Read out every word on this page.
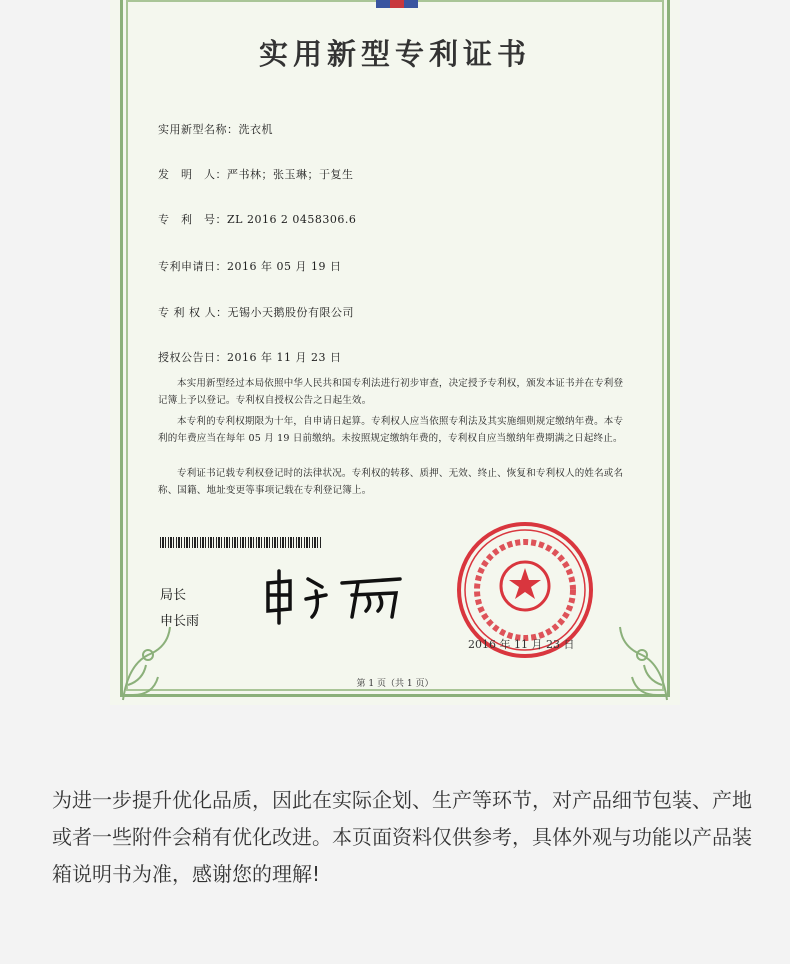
实用新型专利证书
实用新型名称：洗衣机
发　明　人：严书林；张玉琳；于复生
专　利　号：ZL 2016 2 0458306.6
专利申请日：2016 年 05 月 19 日
专 利 权 人：无锡小天鹅股份有限公司
授权公告日：2016 年 11 月 23 日

本实用新型经过本局依照中华人民共和国专利法进行初步审查，决定授予专利权，颁发本证书并在专利登记簿上予以登记。专利权自授权公告之日起生效。

本专利的专利权期限为十年，自申请日起算。专利权人应当依照专利法及其实施细则规定缴纳年费。本专利的年费应当在每年 05 月 19 日前缴纳。未按照规定缴纳年费的，专利权自应当缴纳年费期满之日起终止。

专利证书记载专利权登记时的法律状况。专利权的转移、质押、无效、终止、恢复和专利权人的姓名或名称、国籍、地址变更等事项记载在专利登记簿上。

局长
申长雨
2016 年 11 月 23 日
第 1 页（共 1 页）

为进一步提升优化品质，因此在实际企划、生产等环节，对产品细节包装、产地或者一些附件会稍有优化改进。本页面资料仅供参考，具体外观与功能以产品装箱说明书为准，感谢您的理解!
